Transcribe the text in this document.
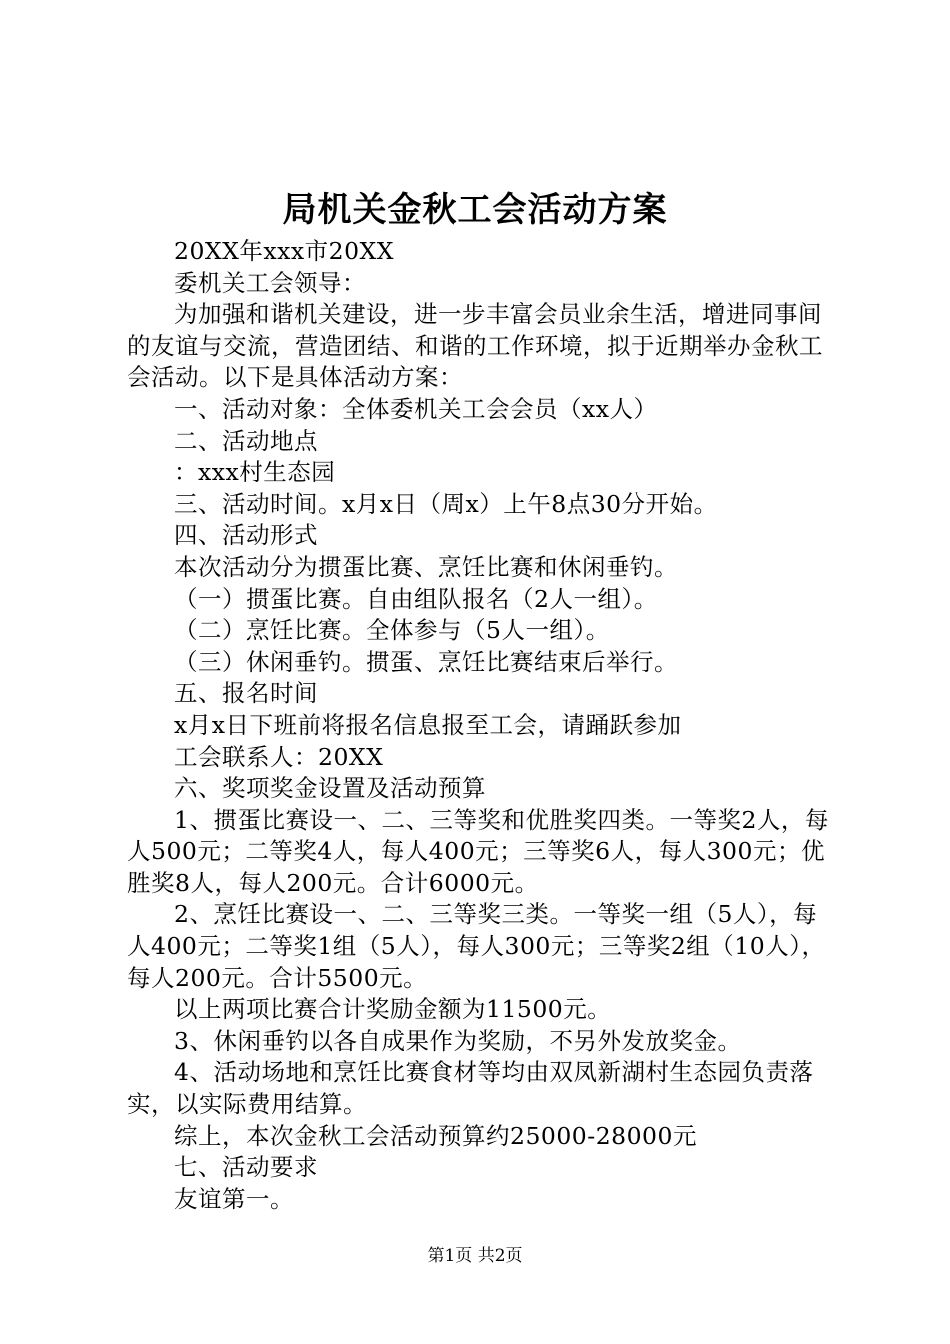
局机关金秋工会活动方案

20XX年xxx市20XX

委机关工会领导：

为加强和谐机关建设，进一步丰富会员业余生活，增进同事间的友谊与交流，营造团结、和谐的工作环境，拟于近期举办金秋工会活动。以下是具体活动方案：

一、活动对象：全体委机关工会会员（xx人）

二、活动地点

：xxx村生态园

三、活动时间。x月x日（周x）上午8点30分开始。

四、活动形式

本次活动分为掼蛋比赛、烹饪比赛和休闲垂钓。

（一）掼蛋比赛。自由组队报名（2人一组）。

（二）烹饪比赛。全体参与（5人一组）。

（三）休闲垂钓。掼蛋、烹饪比赛结束后举行。

五、报名时间

x月x日下班前将报名信息报至工会，请踊跃参加

工会联系人：20XX

六、奖项奖金设置及活动预算

1、掼蛋比赛设一、二、三等奖和优胜奖四类。一等奖2人，每人500元；二等奖4人，每人400元；三等奖6人，每人300元；优胜奖8人，每人200元。合计6000元。

2、烹饪比赛设一、二、三等奖三类。一等奖一组（5人），每人400元；二等奖1组（5人），每人300元；三等奖2组（10人），每人200元。合计5500元。

以上两项比赛合计奖励金额为11500元。

3、休闲垂钓以各自成果作为奖励，不另外发放奖金。

4、活动场地和烹饪比赛食材等均由双凤新湖村生态园负责落实，以实际费用结算。

综上，本次金秋工会活动预算约25000-28000元

七、活动要求

友谊第一。

第1页 共2页
